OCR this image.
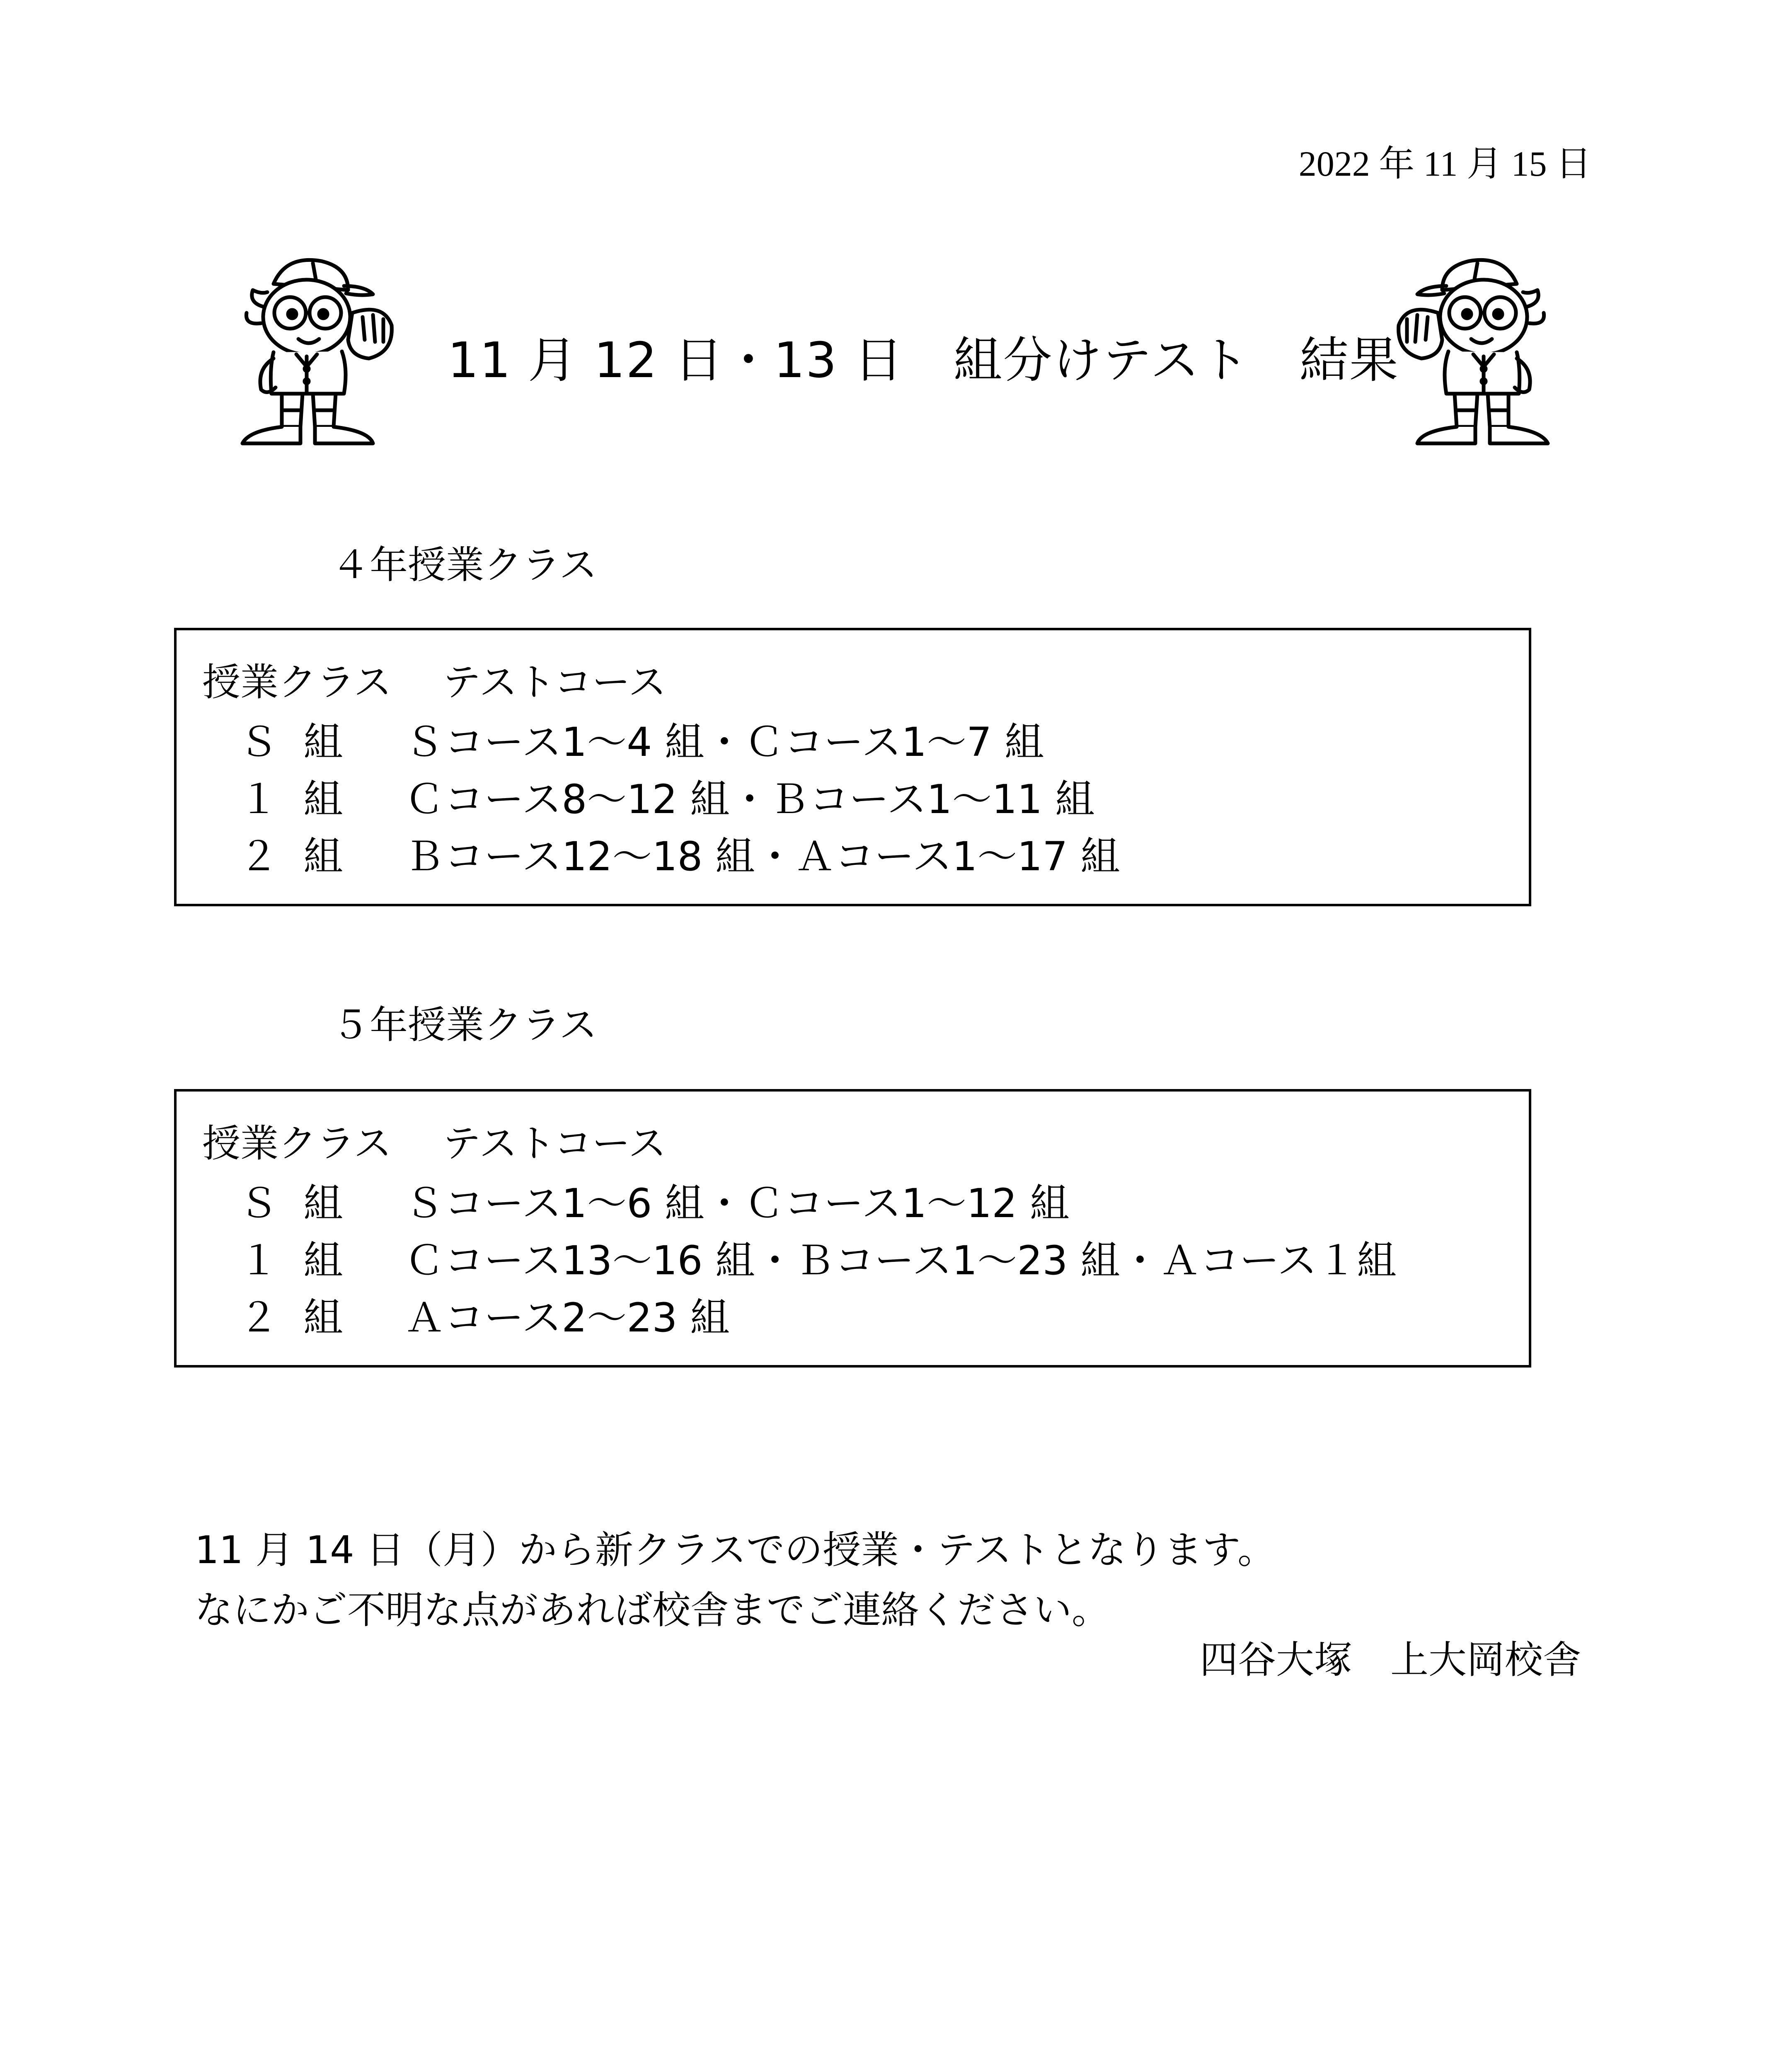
2022 年 11 月 15 日
11 月 12 日・13 日　組分けテスト　結果
４年授業クラス
授業クラス テストコース
Ｓ組 Ｓコース1～4 組・Ｃコース1～7 組
１組 Ｃコース8～12 組・Ｂコース1～11 組
２組 Ｂコース12～18 組・Ａコース1～17 組
５年授業クラス
授業クラス テストコース
Ｓ組 Ｓコース1～6 組・Ｃコース1～12 組
１組 Ｃコース13～16 組・Ｂコース1～23 組・Ａコース１組
２組 Ａコース2～23 組
11 月 14 日（月）から新クラスでの授業・テストとなります。
なにかご不明な点があれば校舎までご連絡ください。
四谷大塚　上大岡校舎
